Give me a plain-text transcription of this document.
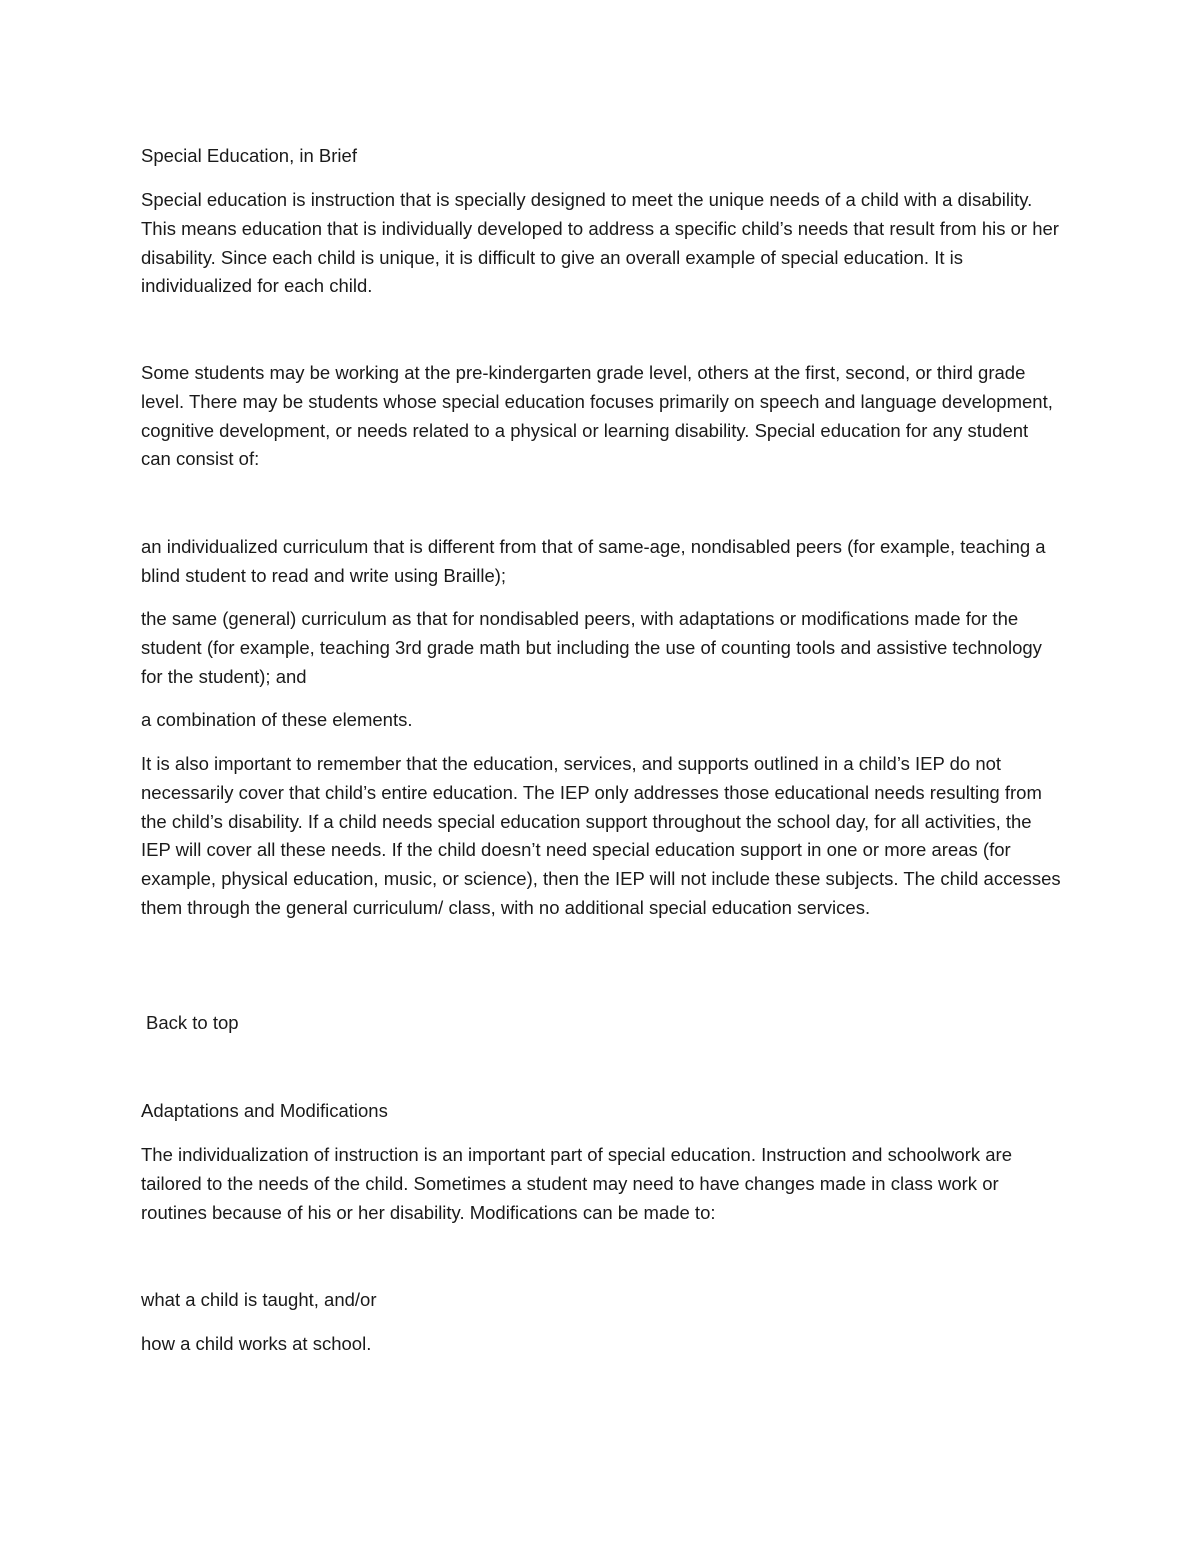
Special Education, in Brief

Special education is instruction that is specially designed to meet the unique needs of a child with a disability. This means education that is individually developed to address a specific child’s needs that result from his or her disability. Since each child is unique, it is difficult to give an overall example of special education. It is individualized for each child.

Some students may be working at the pre-kindergarten grade level, others at the first, second, or third grade level. There may be students whose special education focuses primarily on speech and language development, cognitive development, or needs related to a physical or learning disability. Special education for any student can consist of:

an individualized curriculum that is different from that of same-age, nondisabled peers (for example, teaching a blind student to read and write using Braille);

the same (general) curriculum as that for nondisabled peers, with adaptations or modifications made for the student (for example, teaching 3rd grade math but including the use of counting tools and assistive technology for the student); and

a combination of these elements.

It is also important to remember that the education, services, and supports outlined in a child’s IEP do not necessarily cover that child’s entire education. The IEP only addresses those educational needs resulting from the child’s disability. If a child needs special education support throughout the school day, for all activities, the IEP will cover all these needs. If the child doesn’t need special education support in one or more areas (for example, physical education, music, or science), then the IEP will not include these subjects. The child accesses them through the general curriculum/ class, with no additional special education services.

Back to top

Adaptations and Modifications

The individualization of instruction is an important part of special education. Instruction and schoolwork are tailored to the needs of the child. Sometimes a student may need to have changes made in class work or routines because of his or her disability. Modifications can be made to:

what a child is taught, and/or

how a child works at school.
